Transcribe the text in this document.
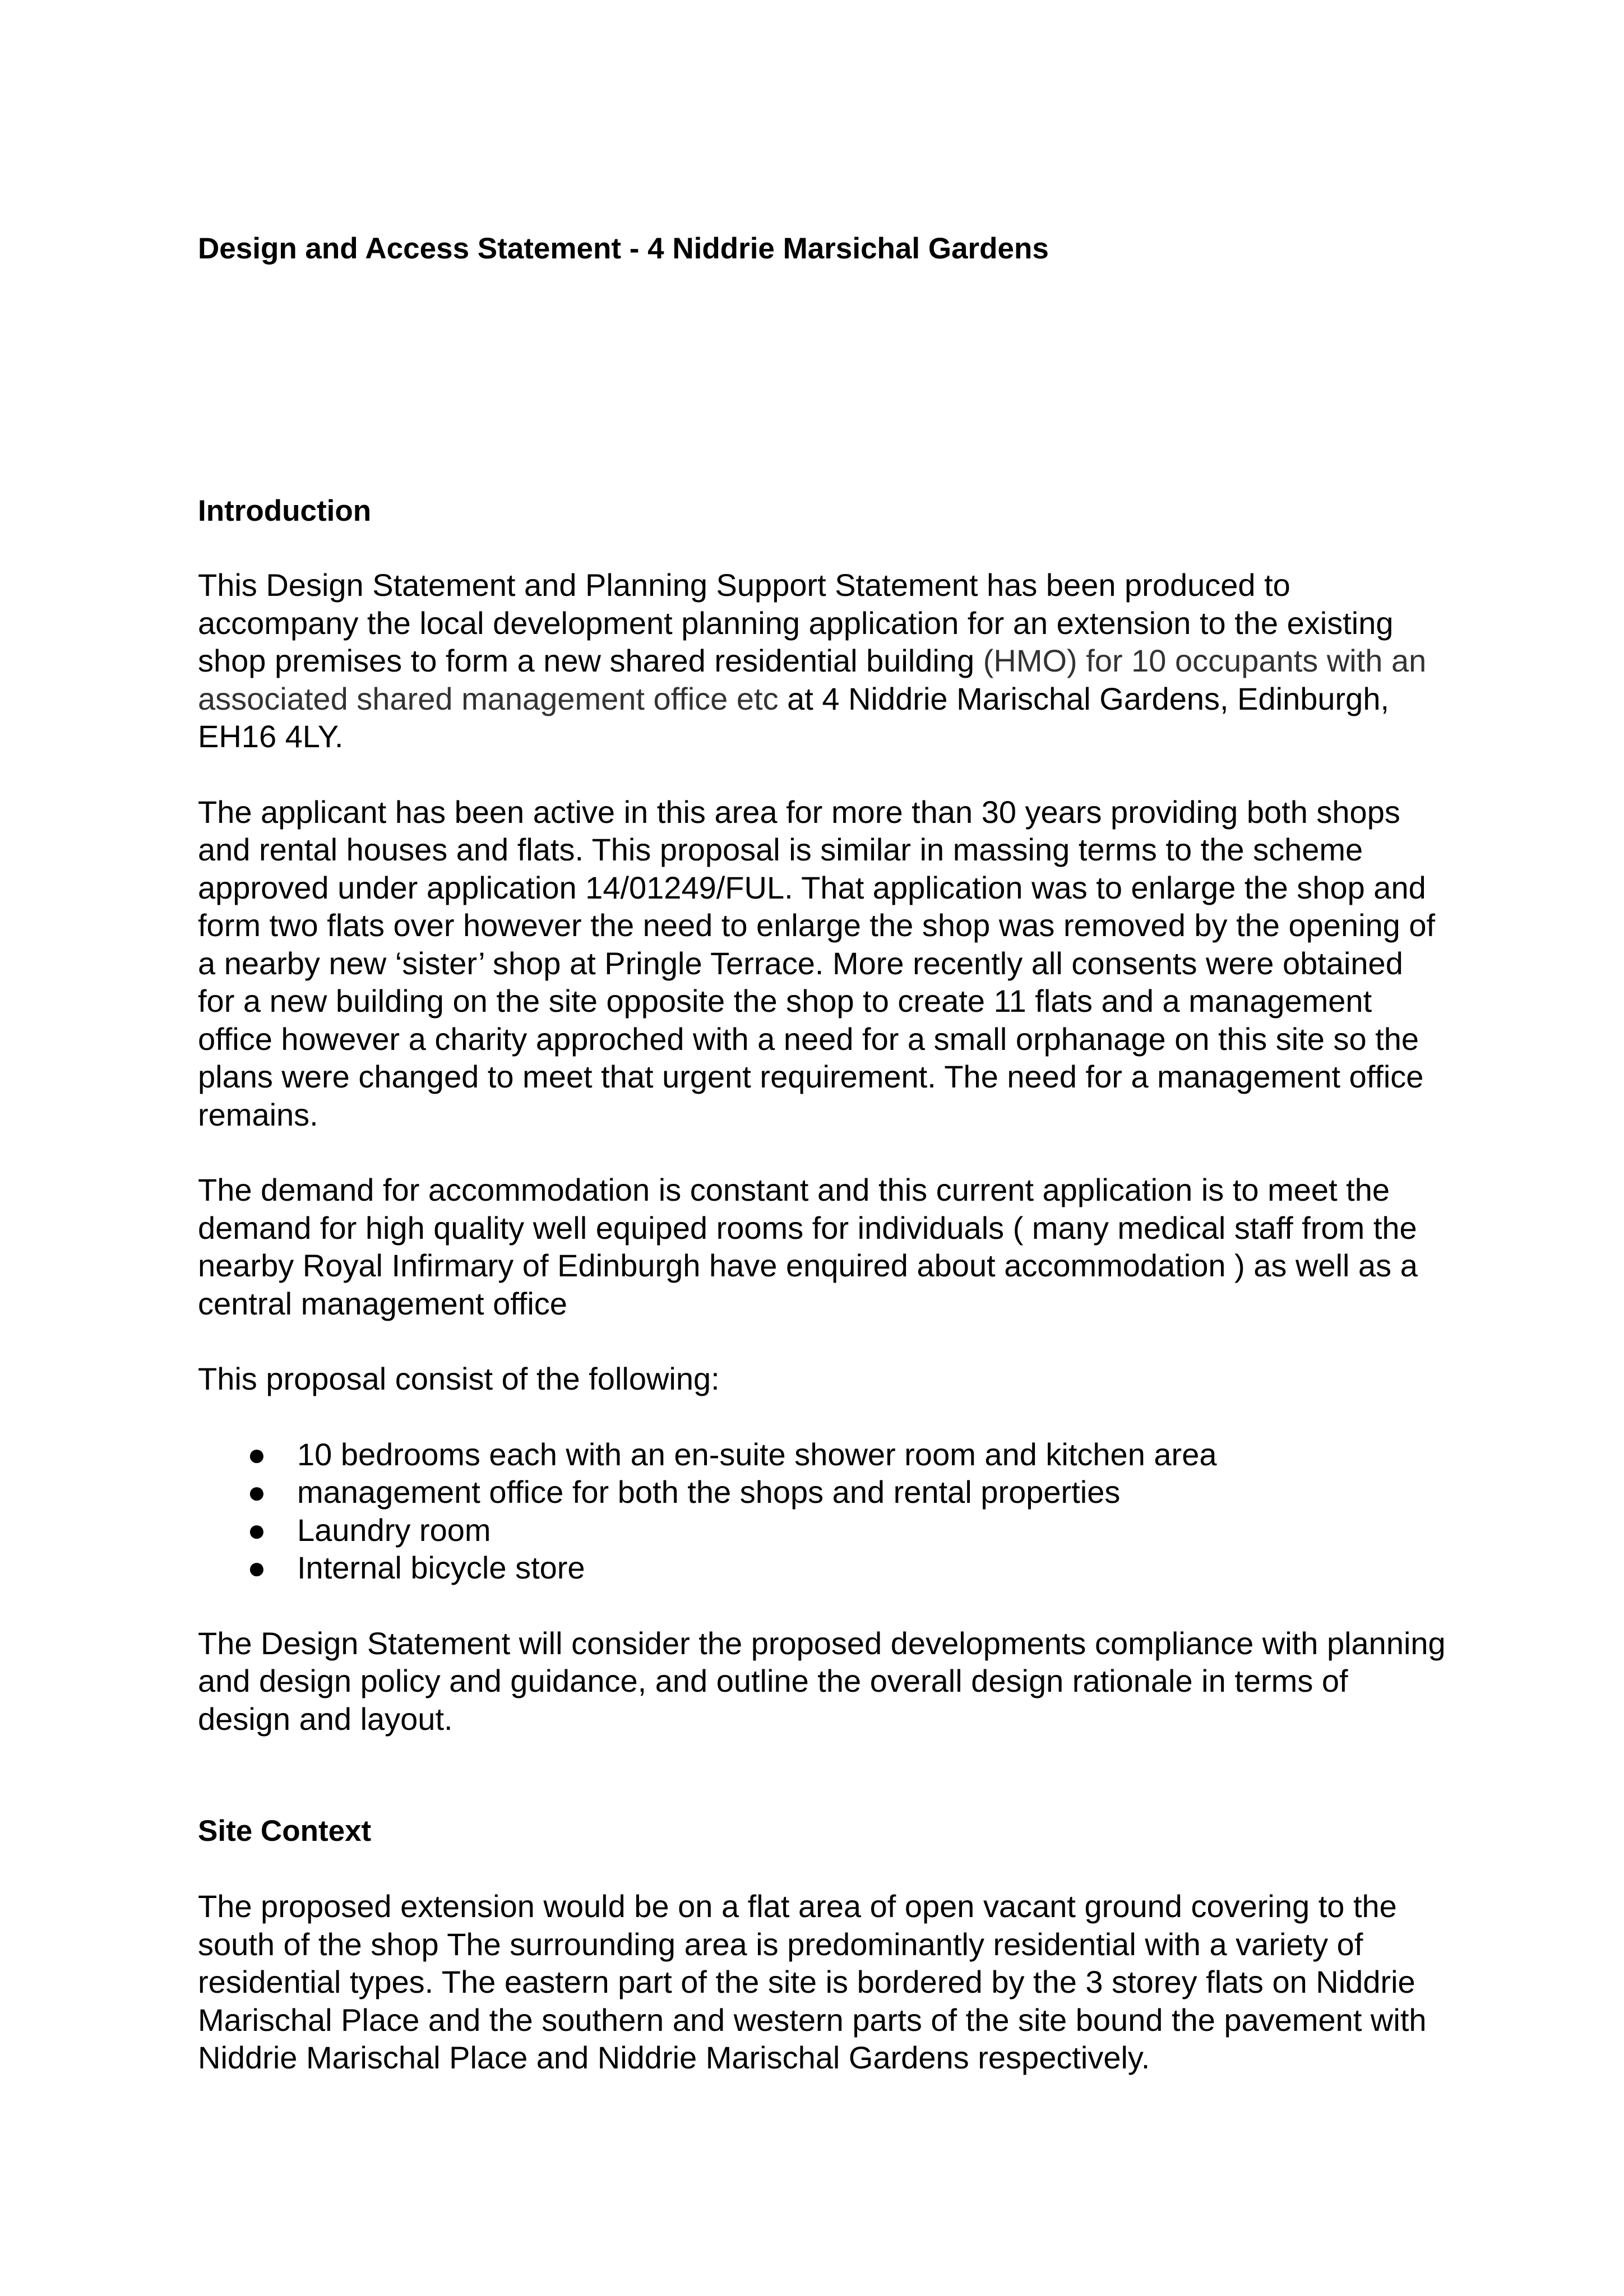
Design and Access Statement - 4 Niddrie Marsichal Gardens
Introduction

This Design Statement and Planning Support Statement has been produced to accompany the local development planning application for an extension to the existing shop premises to form a new shared residential building (HMO) for 10 occupants with an associated shared management office etc at 4 Niddrie Marischal Gardens, Edinburgh, EH16 4LY.

The applicant has been active in this area for more than 30 years providing both shops and rental houses and flats. This proposal is similar in massing terms to the scheme approved under application 14/01249/FUL. That application was to enlarge the shop and form two flats over however the need to enlarge the shop was removed by the opening of a nearby new ‘sister’ shop at Pringle Terrace. More recently all consents were obtained for a new building on the site opposite the shop to create 11 flats and a management office however a charity approched with a need for a small orphanage on this site so the plans were changed to meet that urgent requirement. The need for a management office remains.

The demand for accommodation is constant and this current application is to meet the demand for high quality well equiped rooms for individuals ( many medical staff from the nearby Royal Infirmary of Edinburgh have enquired about accommodation ) as well as a central management office

This proposal consist of the following:

● 10 bedrooms each with an en-suite shower room and kitchen area
● management office for both the shops and rental properties
● Laundry room
● Internal bicycle store

The Design Statement will consider the proposed developments compliance with planning and design policy and guidance, and outline the overall design rationale in terms of design and layout.

Site Context

The proposed extension would be on a flat area of open vacant ground covering to the south of the shop The surrounding area is predominantly residential with a variety of residential types. The eastern part of the site is bordered by the 3 storey flats on Niddrie Marischal Place and the southern and western parts of the site bound the pavement with Niddrie Marischal Place and Niddrie Marischal Gardens respectively.
